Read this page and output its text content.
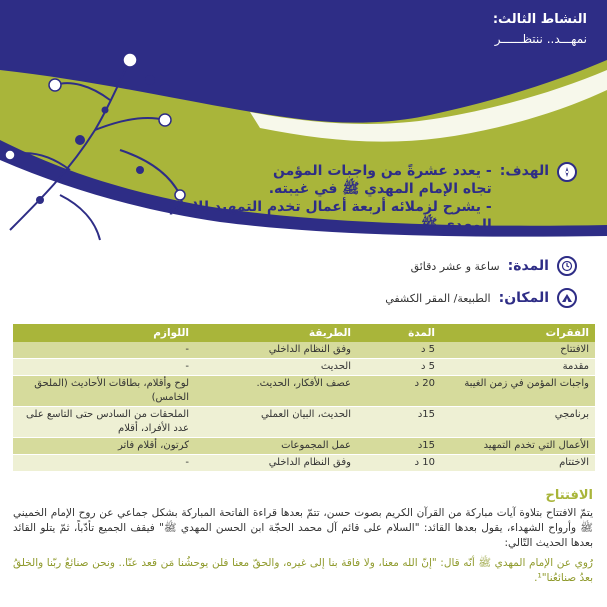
النشاط الثالث:
نمهـــد.. ننتظــــــر
الهدف:
- يعدد عشرةً من واجبات المؤمن
تجاه الإمام المهدي ﷺ في غيبته.
- يشرح لزملائه أربعة أعمال تخدم التمهيد للإمام
المهدي ﷺ.
المدة:
ساعة و عشر دقائق
المكان:
الطبيعة/ المقر الكشفي
الفقرات	المدة	الطريقة	اللوازم
الافتتاح	5 د	وفق النظام الداخلي	-
مقدمة	5 د	الحديث	-
واجبات المؤمن في زمن الغيبة	20 د	عصف الأفكار، الحديث.	لوح وأقلام، بطاقات الأحاديث (الملحق الخامس)
برنامجي	15د	الحديث، البيان العملي	الملحقات من السادس حتى التاسع على عدد الأفراد، أقلام
الأعمال التي تخدم التمهيد	15د	عمل المجموعات	كرتون، أقلام فاتر
الاختتام	10 د	وفق النظام الداخلي	-
الافتتاح
يتمّ الافتتاح بتلاوة آيات مباركة من القرآن الكريم بصوت حسن، تتمّ بعدها قراءة الفاتحة المباركة بشكل جماعي عن روح الإمام الخميني ﷺ وأرواح الشهداء، يقول بعدها القائد: "السلام على قائم آل محمد الحجّة ابن الحسن المهدي ﷺ" فيقف الجميع تأدّباً، ثمّ يتلو القائد بعدها الحديث التّالي:
رُوي عن الإمام المهدي ﷺ أنّه قال: "إنّ الله معنا، ولا فاقة بنا إلى غيره، والحقّ معنا فلن يوحشُنا مَن قعد عنّا.. ونحن صنائعُ ربّنا والخلقُ بعدُ صنائعُنا"¹.
